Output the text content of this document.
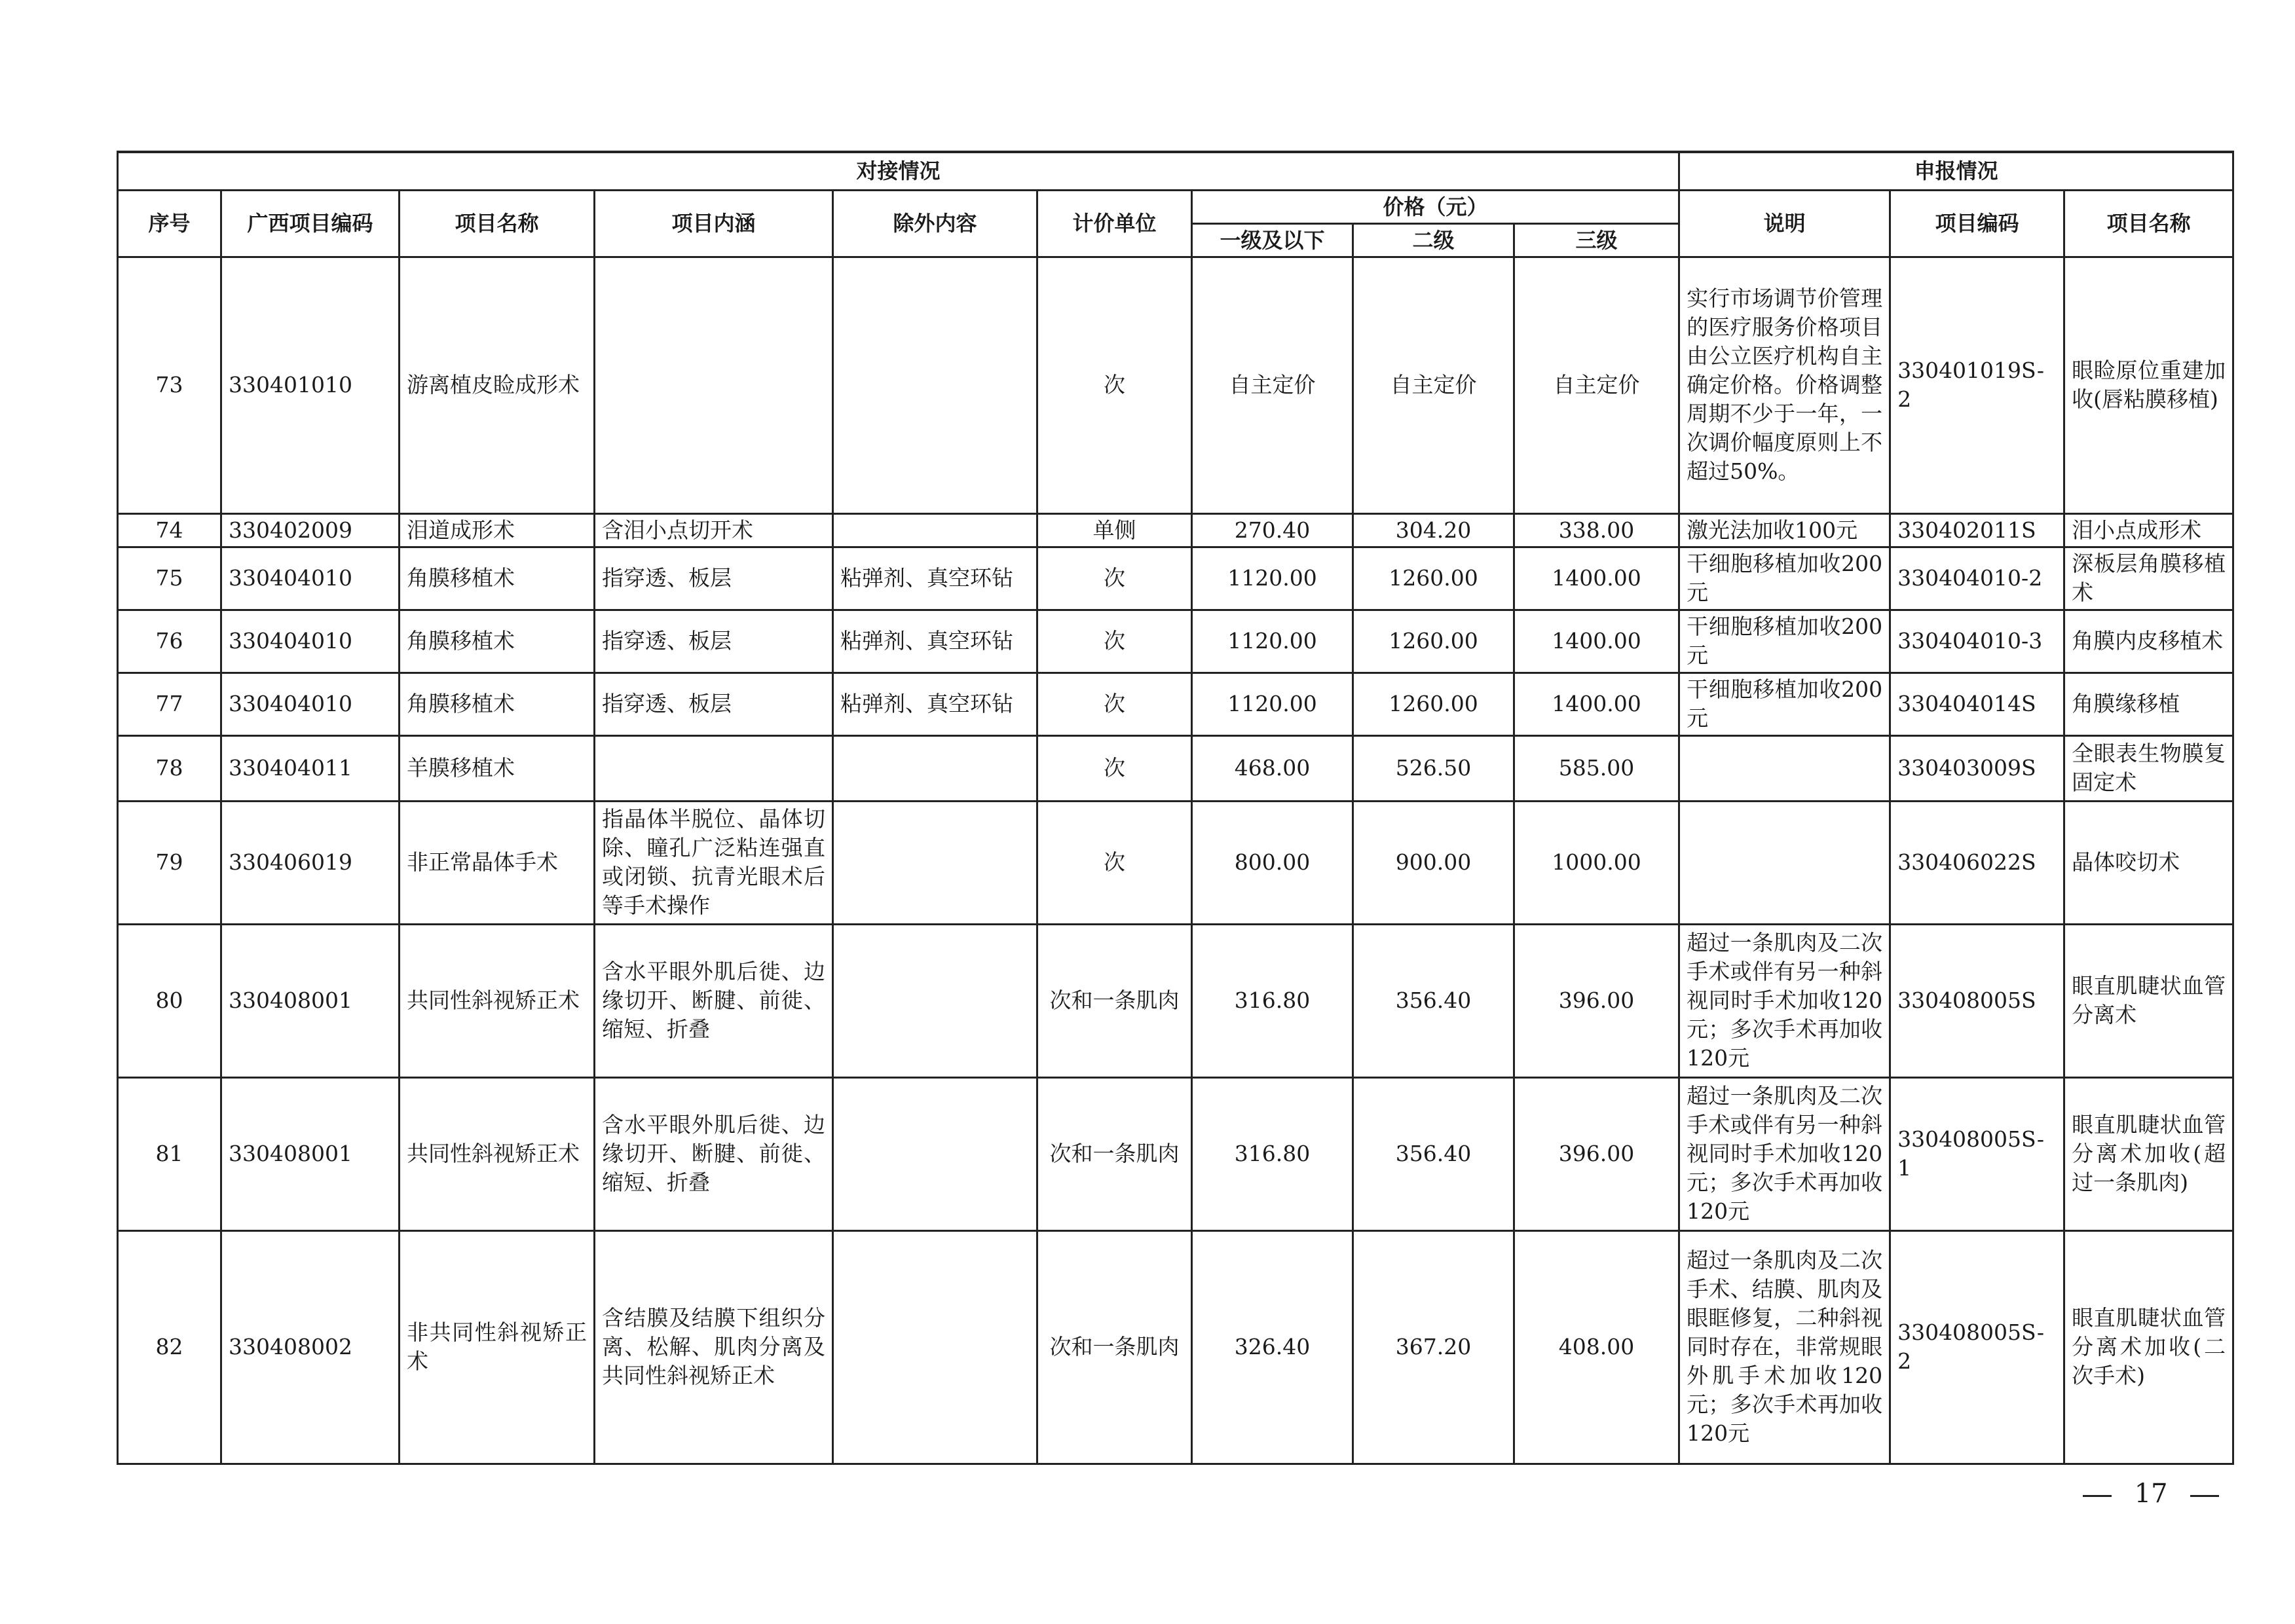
对接情况									申报情况		
序号	广西项目编码	项目名称	项目内涵	除外内容	计价单位	价格（元）			说明	项目编码	项目名称
						一级及以下	二级	三级			
73	330401010	游离植皮睑成形术			次	自主定价	自主定价	自主定价	实行市场调节价管理的医疗服务价格项目由公立医疗机构自主确定价格。价格调整周期不少于一年，一次调价幅度原则上不超过50%。	330401019S-2	眼睑原位重建加收(唇粘膜移植)
74	330402009	泪道成形术	含泪小点切开术		单侧	270.40	304.20	338.00	激光法加收100元	330402011S	泪小点成形术
75	330404010	角膜移植术	指穿透、板层	粘弹剂、真空环钻	次	1120.00	1260.00	1400.00	干细胞移植加收200元	330404010-2	深板层角膜移植术
76	330404010	角膜移植术	指穿透、板层	粘弹剂、真空环钻	次	1120.00	1260.00	1400.00	干细胞移植加收200元	330404010-3	角膜内皮移植术
77	330404010	角膜移植术	指穿透、板层	粘弹剂、真空环钻	次	1120.00	1260.00	1400.00	干细胞移植加收200元	330404014S	角膜缘移植
78	330404011	羊膜移植术			次	468.00	526.50	585.00		330403009S	全眼表生物膜复固定术
79	330406019	非正常晶体手术	指晶体半脱位、晶体切除、瞳孔广泛粘连强直或闭锁、抗青光眼术后等手术操作		次	800.00	900.00	1000.00		330406022S	晶体咬切术
80	330408001	共同性斜视矫正术	含水平眼外肌后徙、边缘切开、断腱、前徙、缩短、折叠		次和一条肌肉	316.80	356.40	396.00	超过一条肌肉及二次手术或伴有另一种斜视同时手术加收120元；多次手术再加收120元	330408005S	眼直肌睫状血管分离术
81	330408001	共同性斜视矫正术	含水平眼外肌后徙、边缘切开、断腱、前徙、缩短、折叠		次和一条肌肉	316.80	356.40	396.00	超过一条肌肉及二次手术或伴有另一种斜视同时手术加收120元；多次手术再加收120元	330408005S-1	眼直肌睫状血管分离术加收(超过一条肌肉)
82	330408002	非共同性斜视矫正术	含结膜及结膜下组织分离、松解、肌肉分离及共同性斜视矫正术		次和一条肌肉	326.40	367.20	408.00	超过一条肌肉及二次手术、结膜、肌肉及眼眶修复，二种斜视同时存在，非常规眼外肌手术加收120元；多次手术再加收120元	330408005S-2	眼直肌睫状血管分离术加收(二次手术)
17
